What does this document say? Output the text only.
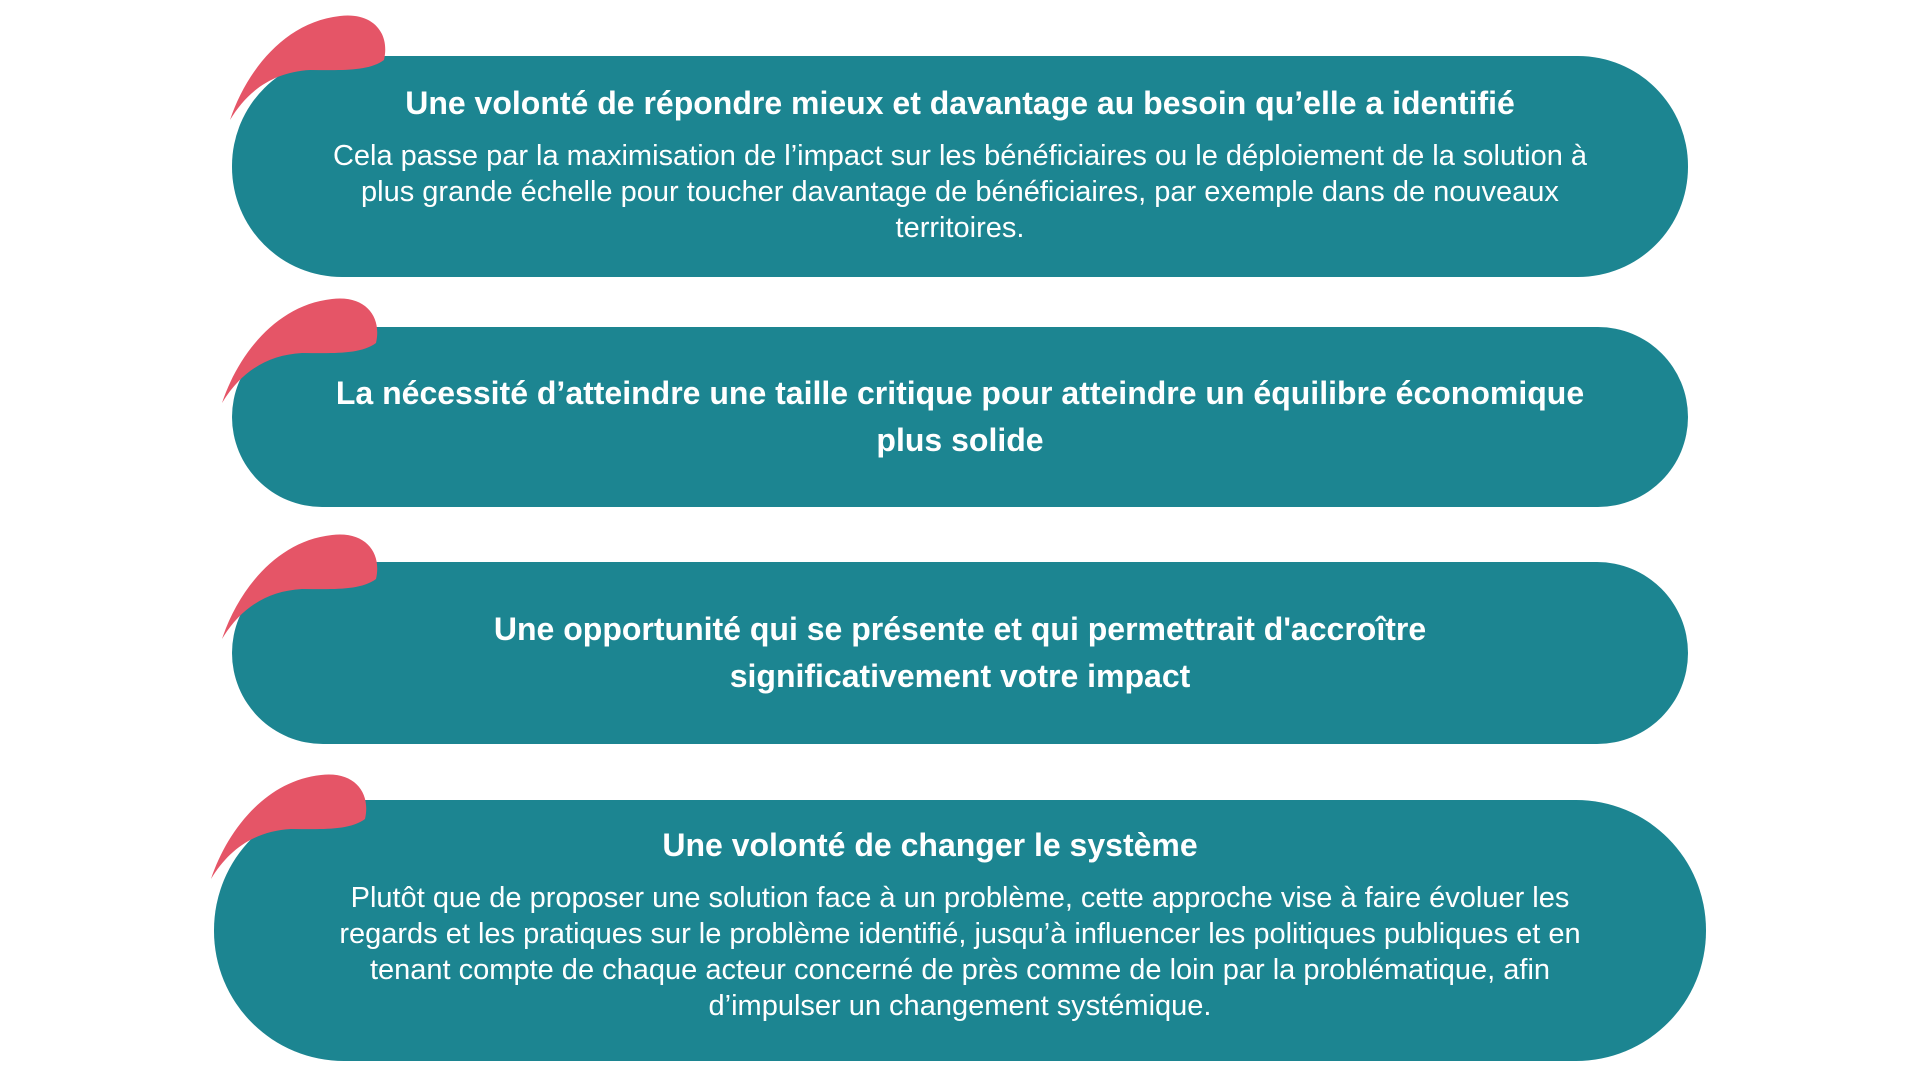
Une volonté de répondre mieux et davantage au besoin qu’elle a identifié

Cela passe par la maximisation de l’impact sur les bénéficiaires ou le déploiement de la solution à plus grande échelle pour toucher davantage de bénéficiaires, par exemple dans de nouveaux territoires.

La nécessité d’atteindre une taille critique pour atteindre un équilibre économique plus solide

Une opportunité qui se présente et qui permettrait d'accroître significativement votre impact

Une volonté de changer le système

Plutôt que de proposer une solution face à un problème, cette approche vise à faire évoluer les regards et les pratiques sur le problème identifié, jusqu’à influencer les politiques publiques et en tenant compte de chaque acteur concerné de près comme de loin par la problématique, afin d’impulser un changement systémique.
